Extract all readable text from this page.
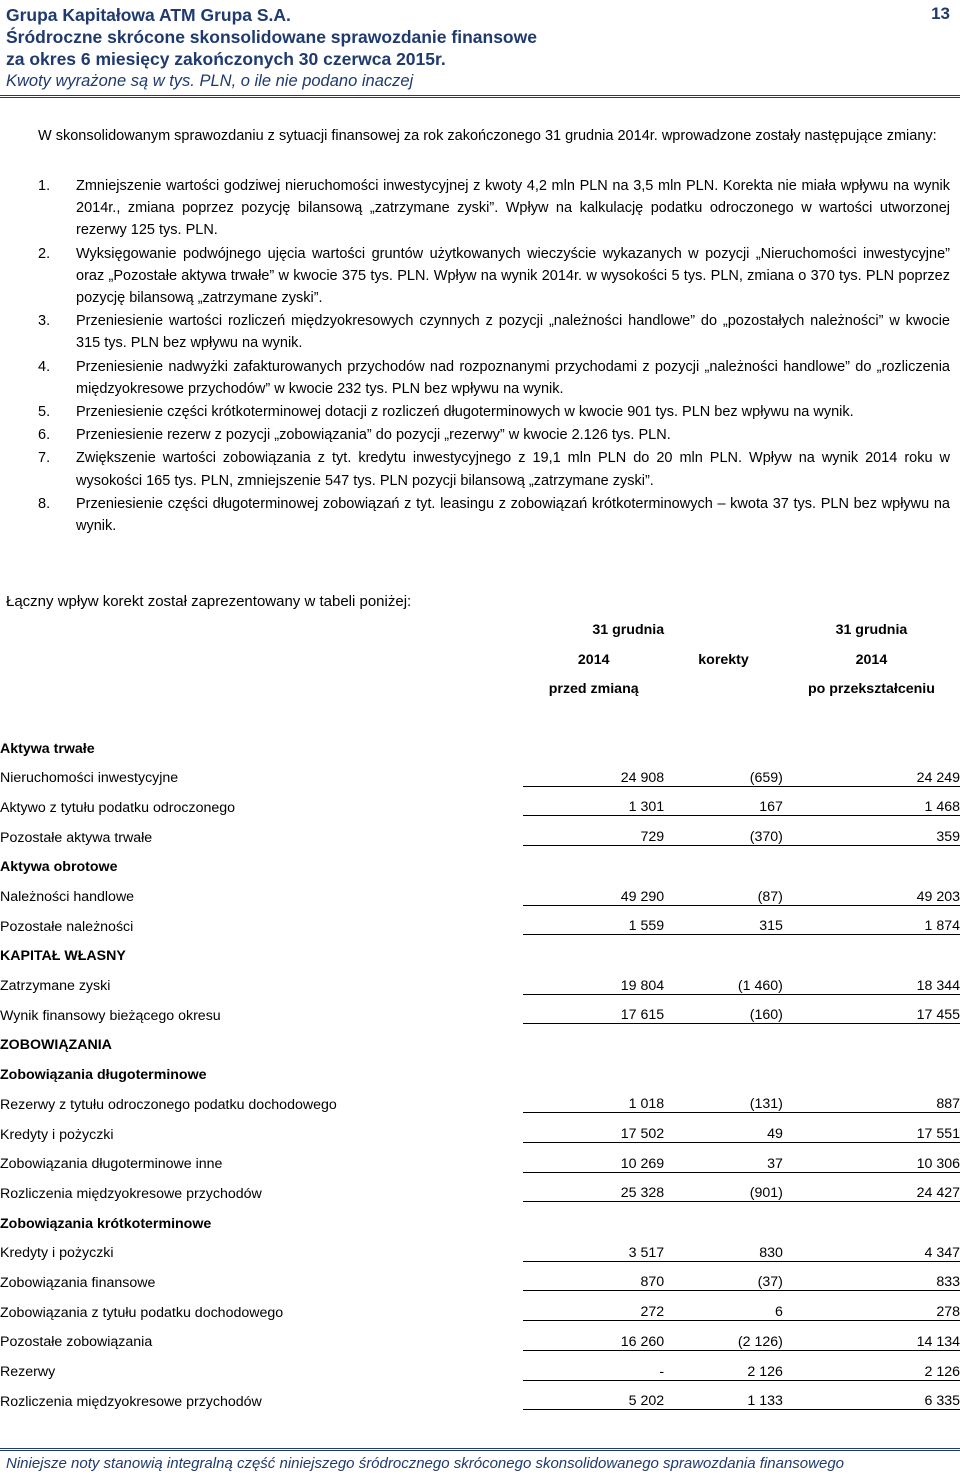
Grupa Kapitałowa ATM Grupa S.A.
Śródroczne skrócone skonsolidowane sprawozdanie finansowe
za okres 6 miesięcy zakończonych 30 czerwca 2015r.
Kwoty wyrażone są w tys. PLN, o ile nie podano inaczej
13
W skonsolidowanym sprawozdaniu z sytuacji finansowej za rok zakończonego 31 grudnia 2014r. wprowadzone zostały następujące zmiany:
1. Zmniejszenie wartości godziwej nieruchomości inwestycyjnej z kwoty 4,2 mln PLN na 3,5 mln PLN. Korekta nie miała wpływu na wynik 2014r., zmiana poprzez pozycję bilansową „zatrzymane zyski”. Wpływ na kalkulację podatku odroczonego w wartości utworzonej rezerwy 125 tys. PLN.
2. Wyksięgowanie podwójnego ujęcia wartości gruntów użytkowanych wieczyście wykazanych w pozycji „Nieruchomości inwestycyjne” oraz „Pozostałe aktywa trwałe” w kwocie 375 tys. PLN. Wpływ na wynik 2014r. w wysokości 5 tys. PLN, zmiana o 370 tys. PLN poprzez pozycję bilansową „zatrzymane zyski”.
3. Przeniesienie wartości rozliczeń międzyokresowych czynnych z pozycji „należności handlowe” do „pozostałych należności” w kwocie 315 tys. PLN bez wpływu na wynik.
4. Przeniesienie nadwyżki zafakturowanych przychodów nad rozpoznanymi przychodami z pozycji „należności handlowe” do „rozliczenia międzyokresowe przychodów” w kwocie 232 tys. PLN bez wpływu na wynik.
5. Przeniesienie części krótkoterminowej dotacji z rozliczeń długoterminowych w kwocie 901 tys. PLN bez wpływu na wynik.
6. Przeniesienie rezerw z pozycji „zobowiązania” do pozycji „rezerwy” w kwocie 2.126 tys. PLN.
7. Zwiększenie wartości zobowiązania z tyt. kredytu inwestycyjnego z 19,1 mln PLN do 20 mln PLN. Wpływ na wynik 2014 roku w wysokości 165 tys. PLN, zmniejszenie 547 tys. PLN pozycji bilansową „zatrzymane zyski”.
8. Przeniesienie części długoterminowej zobowiązań z tyt. leasingu z zobowiązań krótkoterminowych – kwota 37 tys. PLN bez wpływu na wynik.
Łączny wpływ korekt został zaprezentowany w tabeli poniżej:
	31 grudnia		31 grudnia
	2014	korekty	2014
	przed zmianą		po przekształceniu

Aktywa trwałe			
Nieruchomości inwestycyjne	24 908	(659)	24 249
Aktywo z tytułu podatku odroczonego	1 301	167	1 468
Pozostałe aktywa trwałe	729	(370)	359
Aktywa obrotowe			
Należności handlowe	49 290	(87)	49 203
Pozostałe należności	1 559	315	1 874
KAPITAŁ WŁASNY			
Zatrzymane zyski	19 804	(1 460)	18 344
Wynik finansowy bieżącego okresu	17 615	(160)	17 455
ZOBOWIĄZANIA			
Zobowiązania długoterminowe			
Rezerwy z tytułu odroczonego podatku dochodowego	1 018	(131)	887
Kredyty i pożyczki	17 502	49	17 551
Zobowiązania długoterminowe inne	10 269	37	10 306
Rozliczenia międzyokresowe przychodów	25 328	(901)	24 427
Zobowiązania krótkoterminowe			
Kredyty i pożyczki	3 517	830	4 347
Zobowiązania finansowe	870	(37)	833
Zobowiązania z tytułu podatku dochodowego	272	6	278
Pozostałe zobowiązania	16 260	(2 126)	14 134
Rezerwy	-	2 126	2 126
Rozliczenia międzyokresowe przychodów	5 202	1 133	6 335
Niniejsze noty stanowią integralną część niniejszego śródrocznego skróconego skonsolidowanego sprawozdania finansowego
